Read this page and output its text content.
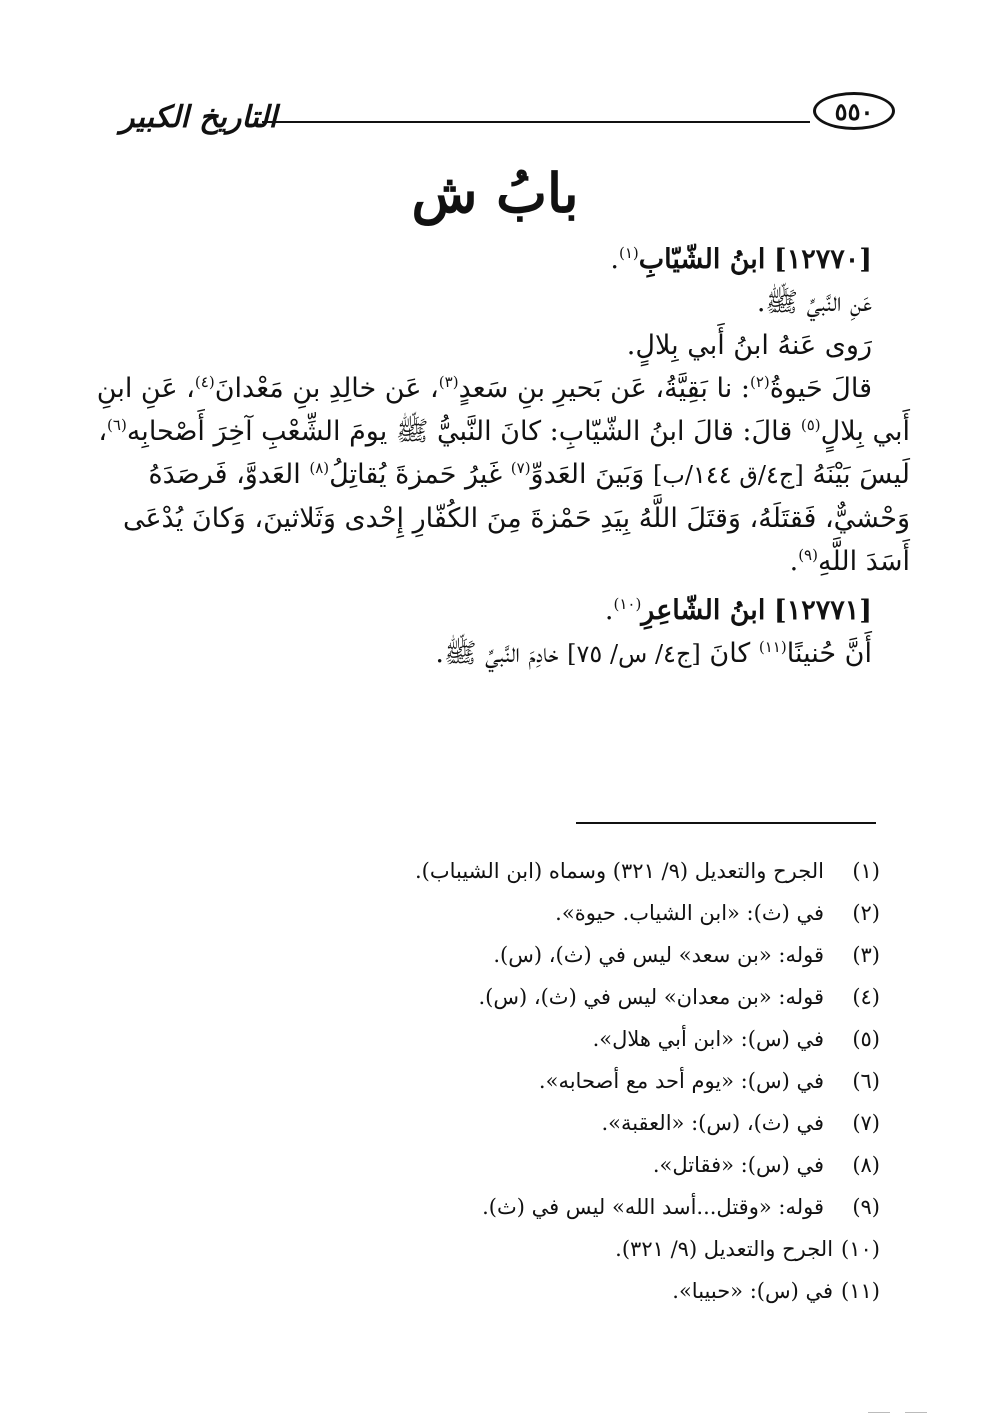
التاريخ الكبير	٥٥٠
بابُ ش

[١٢٧٧٠] ابنُ الشّيّابِ$^{(١)}$.

عَنِ النَّبيِّ ﷺ.

رَوى عَنهُ ابنُ أَبي بِلالٍ.

قالَ حَيوةُ$^{(٢)}$: نا بَقِيَّةُ، عَن بَحيرِ بنِ سَعدٍ$^{(٣)}$، عَن خالِدِ بنِ مَعْدانَ$^{(٤)}$، عَنِ ابنِ

أَبي بِلالٍ$^{(٥)}$ قالَ: قالَ ابنُ الشّيّابِ: كانَ النَّبيُّ ﷺ يومَ الشِّعْبِ آخِرَ أَصْحابِه$^{(٦)}$،

لَيسَ بَيْنَهُ [ج٤/ق ١٤٤/ب] وَبَينَ العَدوِّ$^{(٧)}$ غَيرُ حَمزةَ يُقاتِلُ$^{(٨)}$ العَدوَّ، فَرصَدَهُ

وَحْشيٌّ، فَقتَلَهُ، وَقتَلَ اللَّهُ بِيَدِ حَمْزةَ مِنَ الكُفّارِ إِحْدى وَثَلاثينَ، وَكانَ يُدْعَى

أَسَدَ اللَّهِ$^{(٩)}$.

[١٢٧٧١] ابنُ الشّاعِرِ$^{(١٠)}$.

أَنَّ حُنينًا$^{(١١)}$ كانَ [ج٤/ س/ ٧٥] خادِمَ النَّبيِّ ﷺ.

(١)الجرح والتعديل (٩/ ٣٢١) وسماه (ابن الشيباب).
(٢)في (ث): «ابن الشياب. حيوة».
(٣)قوله: «بن سعد» ليس في (ث)، (س).
(٤)قوله: «بن معدان» ليس في (ث)، (س).
(٥)في (س): «ابن أبي هلال».
(٦)في (س): «يوم أحد مع أصحابه».
(٧)في (ث)، (س): «العقبة».
(٨)في (س): «فقاتل».
(٩)قوله: «وقتل...أسد الله» ليس في (ث).
(١٠)الجرح والتعديل (٩/ ٣٢١).
(١١)في (س): «حبيبا».
